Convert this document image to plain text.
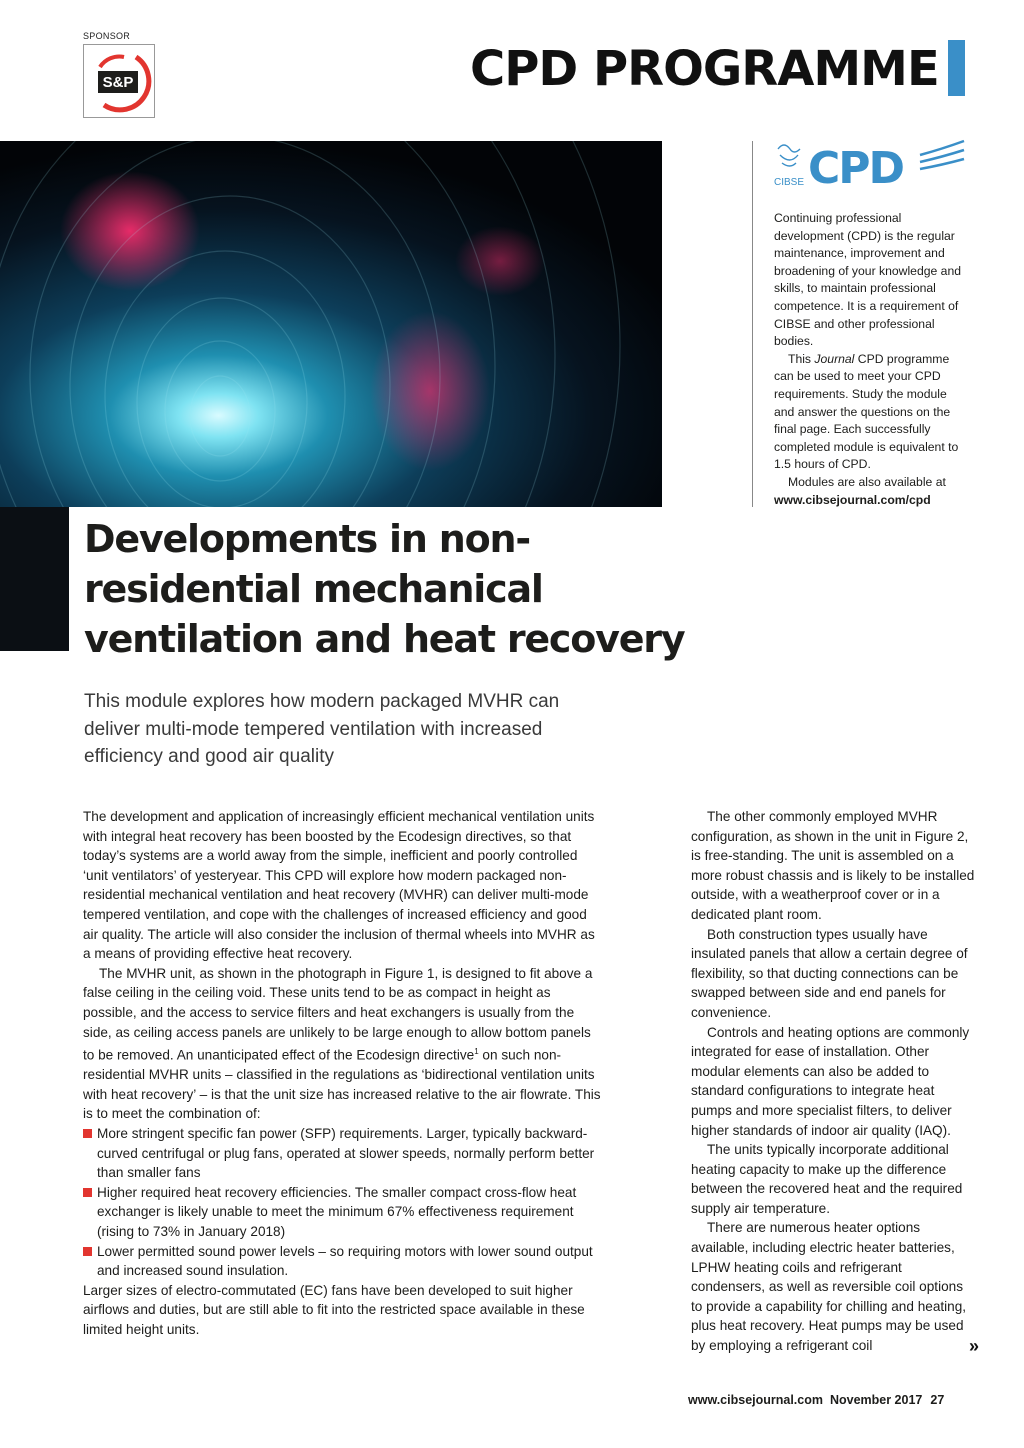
SPONSOR
S&P	CPD PROGRAMME
CIBSE CPD

Continuing professional development (CPD) is the regular maintenance, improvement and broadening of your knowledge and skills, to maintain professional competence. It is a requirement of CIBSE and other professional bodies.

This Journal CPD programme can be used to meet your CPD requirements. Study the module and answer the questions on the final page. Each successfully completed module is equivalent to 1.5 hours of CPD.

Modules are also available at

www.cibsejournal.com/cpd

Developments in non-residential mechanical ventilation and heat recovery

This module explores how modern packaged MVHR can deliver multi-mode tempered ventilation with increased efficiency and good air quality

The development and application of increasingly efficient mechanical ventilation units with integral heat recovery has been boosted by the Ecodesign directives, so that today’s systems are a world away from the simple, inefficient and poorly controlled ‘unit ventilators’ of yesteryear. This CPD will explore how modern packaged non-residential mechanical ventilation and heat recovery (MVHR) can deliver multi-mode tempered ventilation, and cope with the challenges of increased efficiency and good air quality. The article will also consider the inclusion of thermal wheels into MVHR as a means of providing effective heat recovery.

The MVHR unit, as shown in the photograph in Figure 1, is designed to fit above a false ceiling in the ceiling void. These units tend to be as compact in height as possible, and the access to service filters and heat exchangers is usually from the side, as ceiling access panels are unlikely to be large enough to allow bottom panels to be removed. An unanticipated effect of the Ecodesign directive$^1$ on such non-residential MVHR units – classified in the regulations as ‘bidirectional ventilation units with heat recovery’ – is that the unit size has increased relative to the air flowrate. This is to meet the combination of:

More stringent specific fan power (SFP) requirements. Larger, typically backward-curved centrifugal or plug fans, operated at slower speeds, normally perform better than smaller fans
Higher required heat recovery efficiencies. The smaller compact cross-flow heat exchanger is likely unable to meet the minimum 67% effectiveness requirement (rising to 73% in January 2018)
Lower permitted sound power levels – so requiring motors with lower sound output and increased sound insulation.

Larger sizes of electro-commutated (EC) fans have been developed to suit higher airflows and duties, but are still able to fit into the restricted space available in these limited height units.

The other commonly employed MVHR configuration, as shown in the unit in Figure 2, is free-standing. The unit is assembled on a more robust chassis and is likely to be installed outside, with a weatherproof cover or in a dedicated plant room.

Both construction types usually have insulated panels that allow a certain degree of flexibility, so that ducting connections can be swapped between side and end panels for convenience.

Controls and heating options are commonly integrated for ease of installation. Other modular elements can also be added to standard configurations to integrate heat pumps and more specialist filters, to deliver higher standards of indoor air quality (IAQ).

The units typically incorporate additional heating capacity to make up the difference between the recovered heat and the required supply air temperature.

There are numerous heater options available, including electric heater batteries, LPHW heating coils and refrigerant condensers, as well as reversible coil options to provide a capability for chilling and heating, plus heat recovery. Heat pumps may be used by employing a refrigerant coil	»
www.cibsejournal.com November 2017 27
